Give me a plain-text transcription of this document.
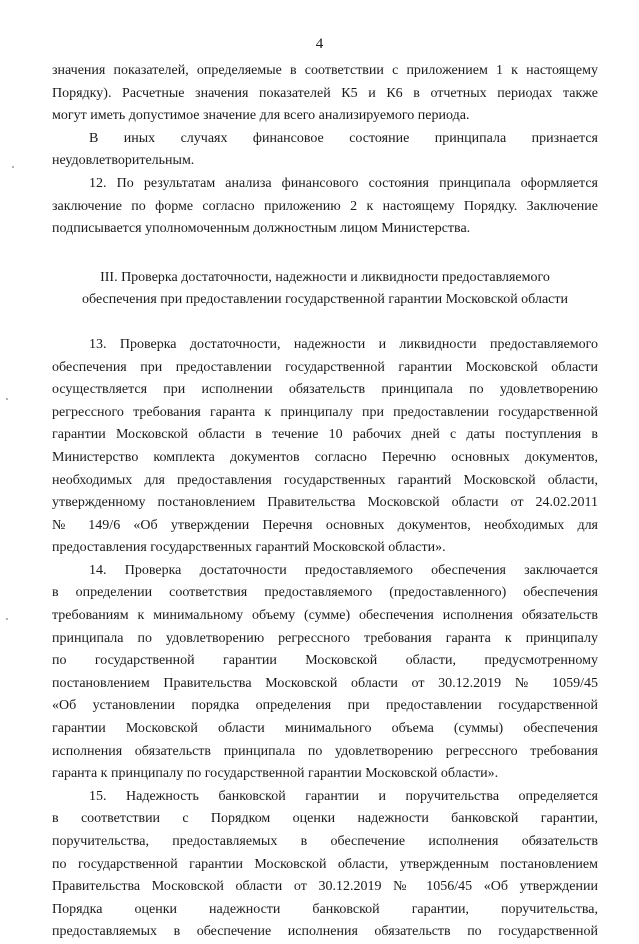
4
значения показателей, определяемые в соответствии с приложением 1 к настоящему
Порядку). Расчетные значения показателей К5 и К6 в отчетных периодах также
могут иметь допустимое значение для всего анализируемого периода.
В иных случаях финансовое состояние принципала признается
неудовлетворительным.
12. По результатам анализа финансового состояния принципала оформляется
заключение по форме согласно приложению 2 к настоящему Порядку. Заключение
подписывается уполномоченным должностным лицом Министерства.
III. Проверка достаточности, надежности и ликвидности предоставляемого
обеспечения при предоставлении государственной гарантии Московской области
13. Проверка достаточности, надежности и ликвидности предоставляемого
обеспечения при предоставлении государственной гарантии Московской области
осуществляется при исполнении обязательств принципала по удовлетворению
регрессного требования гаранта к принципалу при предоставлении государственной
гарантии Московской области в течение 10 рабочих дней с даты поступления в
Министерство комплекта документов согласно Перечню основных документов,
необходимых для предоставления государственных гарантий Московской области,
утвержденному постановлением Правительства Московской области от 24.02.2011
№ 149/6 «Об утверждении Перечня основных документов, необходимых для
предоставления государственных гарантий Московской области».
14. Проверка достаточности предоставляемого обеспечения заключается
в определении соответствия предоставляемого (предоставленного) обеспечения
требованиям к минимальному объему (сумме) обеспечения исполнения обязательств
принципала по удовлетворению регрессного требования гаранта к принципалу
по государственной гарантии Московской области, предусмотренному
постановлением Правительства Московской области от 30.12.2019 № 1059/45
«Об установлении порядка определения при предоставлении государственной
гарантии Московской области минимального объема (суммы) обеспечения
исполнения обязательств принципала по удовлетворению регрессного требования
гаранта к принципалу по государственной гарантии Московской области».
15. Надежность банковской гарантии и поручительства определяется
в соответствии с Порядком оценки надежности банковской гарантии,
поручительства, предоставляемых в обеспечение исполнения обязательств
по государственной гарантии Московской области, утвержденным постановлением
Правительства Московской области от 30.12.2019 № 1056/45 «Об утверждении
Порядка оценки надежности банковской гарантии, поручительства,
предоставляемых в обеспечение исполнения обязательств по государственной
